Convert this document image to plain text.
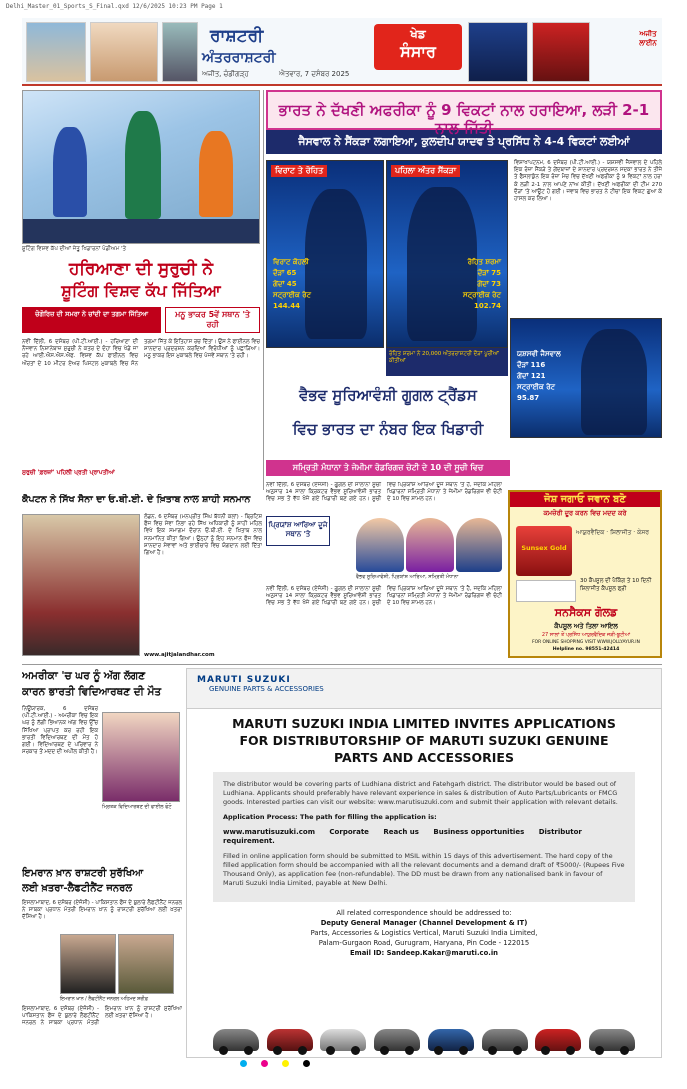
Delhi_Master_01_Sports_S_Final.qxd 12/6/2025 10:23 PM Page 1
ਰਾਸ਼ਟਰੀ
ਅੰਤਰਰਾਸ਼ਟਰੀ
ਖੇਡ
ਸੰਸਾਰ
ਅਜੀਤ, ਚੰਡੀਗੜ੍ਹ	ਐਤਵਾਰ, 7 ਦਸੰਬਰ 2025
ਅਜੀਤ ਲਾਈਨ
ਸ਼ੂਟਿੰਗ ਵਿਸ਼ਵ ਕੱਪ ਦੀਆਂ ਜੇਤੂ ਖਿਡਾਰਨਾਂ ਪੋਡੀਅਮ 'ਤੇ
ਹਰਿਆਣਾ ਦੀ ਸੁਰੁਚੀ ਨੇ
ਸ਼ੂਟਿੰਗ ਵਿਸ਼ਵ ਕੱਪ ਜਿੱਤਿਆ
ਚੋਗੋਰਿਜ਼ ਦੀ ਸਮਰਾ ਨੇ ਚਾਂਦੀ ਦਾ ਤਗਮਾ ਜਿੱਤਿਆ	ਮਨੂ ਭਾਕਰ 5ਵੇਂ ਸਥਾਨ 'ਤੇ ਰਹੀ
ਨਵੀਂ ਦਿੱਲੀ, 6 ਦਸੰਬਰ (ਪੀ.ਟੀ.ਆਈ.) - ਹਰਿਆਣਾ ਦੀ ਨੌਜਵਾਨ ਨਿਸ਼ਾਨੇਬਾਜ਼ ਸੁਰੁਚੀ ਨੇ ਕਤਰ ਦੇ ਦੋਹਾ ਵਿਚ ਖੇਡੇ ਜਾ ਰਹੇ ਆਈ.ਐਸ.ਐਸ.ਐਫ. ਵਿਸ਼ਵ ਕੱਪ ਫਾਈਨਲ ਵਿਚ ਔਰਤਾਂ ਦੇ 10 ਮੀਟਰ ਏਅਰ ਪਿਸਟਲ ਮੁਕਾਬਲੇ ਵਿਚ ਸੋਨ ਤਗਮਾ ਜਿੱਤ ਕੇ ਇਤਿਹਾਸ ਰਚ ਦਿੱਤਾ। ਉਸ ਨੇ ਫਾਈਨਲ ਵਿਚ ਸ਼ਾਨਦਾਰ ਪ੍ਰਦਰਸ਼ਨ ਕਰਦਿਆਂ ਵਿਰੋਧੀਆਂ ਨੂੰ ਪਛਾੜਿਆ। ਮਨੂ ਭਾਕਰ ਇਸ ਮੁਕਾਬਲੇ ਵਿਚ ਪੰਜਵੇਂ ਸਥਾਨ 'ਤੇ ਰਹੀ।
ਸੁਰੁਚੀ 'ਫ਼ਰਜ਼ਾਂ' ਪਹਿਲੀ ਪ੍ਰਤੀ ਪ੍ਰਾਪਤੀਆਂ
ਭਾਰਤ ਨੇ ਦੱਖਣੀ ਅਫਰੀਕਾ ਨੂੰ 9 ਵਿਕਟਾਂ ਨਾਲ ਹਰਾਇਆ, ਲੜੀ 2-1 ਨਾਲ ਜਿੱਤੀ
ਜੈਸਵਾਲ ਨੇ ਸੈਂਕੜਾ ਲਗਾਇਆ, ਕੁਲਦੀਪ ਯਾਦਵ ਤੇ ਪ੍ਰਸਿੱਧ ਨੇ 4-4 ਵਿਕਟਾਂ ਲਈਆਂ
ਵਿਰਾਟ ਤੇ ਰੋਹਿਤ
ਵਿਰਾਟ ਕੋਹਲੀ
ਦੌੜਾਂ 65
ਗੇਂਦਾਂ 45
ਸਟ੍ਰਾਈਕ ਰੇਟ
144.44
ਪਹਿਲਾ ਅੰਤਰ ਸੈਂਕੜਾ
ਰੋਹਿਤ ਸ਼ਰਮਾ
ਦੌੜਾਂ 75
ਗੇਂਦਾਂ 73
ਸਟ੍ਰਾਈਕ ਰੇਟ
102.74
ਰੋਹਿਤ ਸ਼ਰਮਾ ਨੇ 20,000 ਅੰਤਰਰਾਸ਼ਟਰੀ ਦੌੜਾਂ ਪੂਰੀਆਂ ਕੀਤੀਆਂ
ਵਿਸ਼ਾਖਾਪਟਨਮ, 6 ਦਸੰਬਰ (ਪੀ.ਟੀ.ਆਈ.) - ਯਸ਼ਸਵੀ ਜੈਸਵਾਲ ਦੇ ਪਹਿਲੇ ਇਕ ਰੋਜ਼ਾ ਸੈਂਕੜੇ ਤੇ ਗੇਂਦਬਾਜ਼ਾਂ ਦੇ ਸ਼ਾਨਦਾਰ ਪ੍ਰਦਰਸ਼ਨ ਸਦਕਾ ਭਾਰਤ ਨੇ ਤੀਜੇ ਤੇ ਫੈਸਲਾਕੁੰਨ ਇਕ ਰੋਜ਼ਾ ਮੈਚ ਵਿਚ ਦੱਖਣੀ ਅਫਰੀਕਾ ਨੂੰ 9 ਵਿਕਟਾਂ ਨਾਲ ਹਰਾ ਕੇ ਲੜੀ 2-1 ਨਾਲ ਆਪਣੇ ਨਾਂਅ ਕੀਤੀ। ਦੱਖਣੀ ਅਫਰੀਕਾ ਦੀ ਟੀਮ 270 ਦੌੜਾਂ 'ਤੇ ਆਊਟ ਹੋ ਗਈ। ਜਵਾਬ ਵਿਚ ਭਾਰਤ ਨੇ ਟੀਚਾ ਇਕ ਵਿਕਟ ਗੁਆ ਕੇ ਹਾਸਲ ਕਰ ਲਿਆ।
ਯਸ਼ਸਵੀ ਜੈਸਵਾਲ
ਦੌੜਾਂ 116
ਗੇਂਦਾਂ 121
ਸਟ੍ਰਾਈਕ ਰੇਟ
95.87
ਵੈਭਵ ਸੂਰਿਆਵੰਸ਼ੀ ਗੂਗਲ ਟ੍ਰੈਂਡਸ
ਵਿਚ ਭਾਰਤ ਦਾ ਨੰਬਰ ਇਕ ਖਿਡਾਰੀ
ਸਮ੍ਰਿਤੀ ਮੰਧਾਨਾ ਤੇ ਜੇਮੀਮਾ ਰੋਡਰਿਗਜ਼ ਚੋਟੀ ਦੇ 10 ਦੀ ਸੂਚੀ ਵਿਚ
ਨਵੀਂ ਦਿੱਲੀ, 6 ਦਸੰਬਰ (ਏਜੰਸੀ) - ਗੂਗਲ ਦੀ ਸਾਲਾਨਾ ਸੂਚੀ ਅਨੁਸਾਰ 14 ਸਾਲਾ ਕ੍ਰਿਕਟਰ ਵੈਭਵ ਸੂਰਿਆਵੰਸ਼ੀ ਭਾਰਤ ਵਿਚ ਸਭ ਤੋਂ ਵੱਧ ਖੋਜੇ ਗਏ ਖਿਡਾਰੀ ਬਣ ਗਏ ਹਨ। ਸੂਚੀ ਵਿਚ ਪ੍ਰਿਯਾਂਸ਼ ਆਰਿਆ ਦੂਜੇ ਸਥਾਨ 'ਤੇ ਹੈ, ਜਦਕਿ ਮਹਿਲਾ ਖਿਡਾਰਨਾਂ ਸਮ੍ਰਿਤੀ ਮੰਧਾਨਾ ਤੇ ਜੇਮੀਮਾ ਰੋਡਰਿਗਜ਼ ਵੀ ਚੋਟੀ ਦੇ 10 ਵਿਚ ਸ਼ਾਮਲ ਹਨ।
ਪ੍ਰਿਯਾਂਸ਼ ਆਰਿਆ ਦੂਜੇ ਸਥਾਨ 'ਤੇ
ਵੈਭਵ ਸੂਰਿਆਵੰਸ਼ੀ, ਪ੍ਰਿਯਾਂਸ਼ ਆਰਿਆ, ਸਮ੍ਰਿਤੀ ਮੰਧਾਨਾ
ਨਵੀਂ ਦਿੱਲੀ, 6 ਦਸੰਬਰ (ਏਜੰਸੀ) - ਗੂਗਲ ਦੀ ਸਾਲਾਨਾ ਸੂਚੀ ਅਨੁਸਾਰ 14 ਸਾਲਾ ਕ੍ਰਿਕਟਰ ਵੈਭਵ ਸੂਰਿਆਵੰਸ਼ੀ ਭਾਰਤ ਵਿਚ ਸਭ ਤੋਂ ਵੱਧ ਖੋਜੇ ਗਏ ਖਿਡਾਰੀ ਬਣ ਗਏ ਹਨ। ਸੂਚੀ ਵਿਚ ਪ੍ਰਿਯਾਂਸ਼ ਆਰਿਆ ਦੂਜੇ ਸਥਾਨ 'ਤੇ ਹੈ, ਜਦਕਿ ਮਹਿਲਾ ਖਿਡਾਰਨਾਂ ਸਮ੍ਰਿਤੀ ਮੰਧਾਨਾ ਤੇ ਜੇਮੀਮਾ ਰੋਡਰਿਗਜ਼ ਵੀ ਚੋਟੀ ਦੇ 10 ਵਿਚ ਸ਼ਾਮਲ ਹਨ।
ਕੈਪਟਨ ਨੇ ਸਿੱਖ ਸੈਨਾ ਦਾ ਓ.ਬੀ.ਈ. ਦੇ ਖ਼ਿਤਾਬ ਨਾਲ ਸ਼ਾਹੀ ਸਨਮਾਨ
ਲੰਡਨ, 6 ਦਸੰਬਰ (ਮਨਪ੍ਰੀਤ ਸਿੰਘ ਬੱਧਨੀ ਕਲਾਂ) - ਬ੍ਰਿਟਿਸ਼ ਫੌਜ ਵਿਚ ਸੇਵਾ ਨਿਭਾ ਰਹੇ ਸਿੱਖ ਅਧਿਕਾਰੀ ਨੂੰ ਸ਼ਾਹੀ ਮਹਿਲ ਵਿਖੇ ਇਕ ਸਮਾਗਮ ਦੌਰਾਨ ਓ.ਬੀ.ਈ. ਦੇ ਖ਼ਿਤਾਬ ਨਾਲ ਸਨਮਾਨਿਤ ਕੀਤਾ ਗਿਆ। ਉਨ੍ਹਾਂ ਨੂੰ ਇਹ ਸਨਮਾਨ ਫੌਜ ਵਿਚ ਸ਼ਾਨਦਾਰ ਸੇਵਾਵਾਂ ਅਤੇ ਭਾਈਚਾਰੇ ਵਿਚ ਯੋਗਦਾਨ ਲਈ ਦਿੱਤਾ ਗਿਆ ਹੈ।
www.ajitjalandhar.com
ਜੋਸ਼ ਜਗਾਓ ਜਵਾਨ ਬਣੋ
ਕਮਜ਼ੋਰੀ ਦੂਰ ਕਰਨ ਵਿਚ ਮਦਦ ਕਰੇ
Sunsex Gold
ਆਯੁਰਵੈਦਿਕ · ਸ਼ਿਲਾਜੀਤ · ਕੇਸਰ
30 ਕੈਪਸੂਲ ਦੀ ਪੈਕਿੰਗ ਤੇ 10 ਦਿਨੀ ਸ਼ਿਲਾਜੀਤ ਕੈਪਸੂਲ ਫ੍ਰੀ
ਸਨਸੈਕਸ ਗੋਲਡ
ਕੈਪਸੂਲ ਅਤੇ ਤਿਲਾ ਆਇਲ
27 ਸਾਲਾਂ ਤੋਂ ਪ੍ਰਸਿੱਧ ਆਯੁਰਵੈਦਿਕ ਜੜੀ-ਬੂਟੀਆਂ
FOR ONLINE SHOPPING VISIT WWW.JOLLYAYUR.IN
Helpline no. 98551-42414
ਅਮਰੀਕਾ 'ਚ ਘਰ ਨੂੰ ਅੱਗ ਲੱਗਣ
ਕਾਰਨ ਭਾਰਤੀ ਵਿਦਿਆਰਥਣ ਦੀ ਮੌਤ
ਨਿਊਯਾਰਕ, 6 ਦਸੰਬਰ (ਪੀ.ਟੀ.ਆਈ.) - ਅਮਰੀਕਾ ਵਿਚ ਇਕ ਘਰ ਨੂੰ ਲੱਗੀ ਭਿਆਨਕ ਅੱਗ ਵਿਚ ਉੱਚ ਸਿੱਖਿਆ ਪ੍ਰਾਪਤ ਕਰ ਰਹੀ ਇਕ ਭਾਰਤੀ ਵਿਦਿਆਰਥਣ ਦੀ ਮੌਤ ਹੋ ਗਈ। ਵਿਦਿਆਰਥਣ ਦੇ ਪਰਿਵਾਰ ਨੇ ਸਰਕਾਰ ਤੋਂ ਮਦਦ ਦੀ ਅਪੀਲ ਕੀਤੀ ਹੈ।
ਮ੍ਰਿਤਕ ਵਿਦਿਆਰਥਣ ਦੀ ਫਾਈਲ ਫੋਟੋ
ਇਮਰਾਨ ਖ਼ਾਨ ਰਾਸ਼ਟਰੀ ਸੁਰੱਖਿਆ
ਲਈ ਖ਼ਤਰਾ-ਲੈਫਟੀਨੈਂਟ ਜਨਰਲ
ਇਸਲਾਮਾਬਾਦ, 6 ਦਸੰਬਰ (ਏਜੰਸੀ) - ਪਾਕਿਸਤਾਨ ਫੌਜ ਦੇ ਬੁਲਾਰੇ ਲੈਫਟੀਨੈਂਟ ਜਨਰਲ ਨੇ ਸਾਬਕਾ ਪ੍ਰਧਾਨ ਮੰਤਰੀ ਇਮਰਾਨ ਖ਼ਾਨ ਨੂੰ ਰਾਸ਼ਟਰੀ ਸੁਰੱਖਿਆ ਲਈ ਖ਼ਤਰਾ ਦੱਸਿਆ ਹੈ।
ਇਮਰਾਨ ਖ਼ਾਨ / ਲੈਫਟੀਨੈਂਟ ਜਨਰਲ ਅਹਿਮਦ ਸ਼ਰੀਫ਼
ਇਸਲਾਮਾਬਾਦ, 6 ਦਸੰਬਰ (ਏਜੰਸੀ) - ਪਾਕਿਸਤਾਨ ਫੌਜ ਦੇ ਬੁਲਾਰੇ ਲੈਫਟੀਨੈਂਟ ਜਨਰਲ ਨੇ ਸਾਬਕਾ ਪ੍ਰਧਾਨ ਮੰਤਰੀ ਇਮਰਾਨ ਖ਼ਾਨ ਨੂੰ ਰਾਸ਼ਟਰੀ ਸੁਰੱਖਿਆ ਲਈ ਖ਼ਤਰਾ ਦੱਸਿਆ ਹੈ।
MARUTI SUZUKI
GENUINE PARTS & ACCESSORIES
MARUTI SUZUKI INDIA LIMITED INVITES APPLICATIONS
FOR DISTRIBUTORSHIP OF MARUTI SUZUKI GENUINE
PARTS AND ACCESSORIES

The distributor would be covering parts of Ludhiana district and Fatehgarh district. The distributor would be based out of Ludhiana. Applicants should preferably have relevant experience in sales & distribution of Auto Parts/Lubricants or FMCG goods. Interested parties can visit our website: www.marutisuzuki.com and submit their application with relevant details.

Application Process: The path for filling the application is:

www.marutisuzuki.com Corporate Reach us Business opportunities Distributor requirement.

Filled in online application form should be submitted to MSIL within 15 days of this advertisement. The hard copy of the filled application form should be accompanied with all the relevant documents and a demand draft of ₹5000/- (Rupees Five Thousand Only), as application fee (non-refundable). The DD must be drawn from any nationalised bank in favour of Maruti Suzuki India Limited, payable at New Delhi.

All related correspondence should be addressed to:
Deputy General Manager (Channel Development & IT)
Parts, Accessories & Logistics Vertical, Maruti Suzuki India Limited,
Palam-Gurgaon Road, Gurugram, Haryana, Pin Code - 122015
Email ID: Sandeep.Kakar@maruti.co.in
